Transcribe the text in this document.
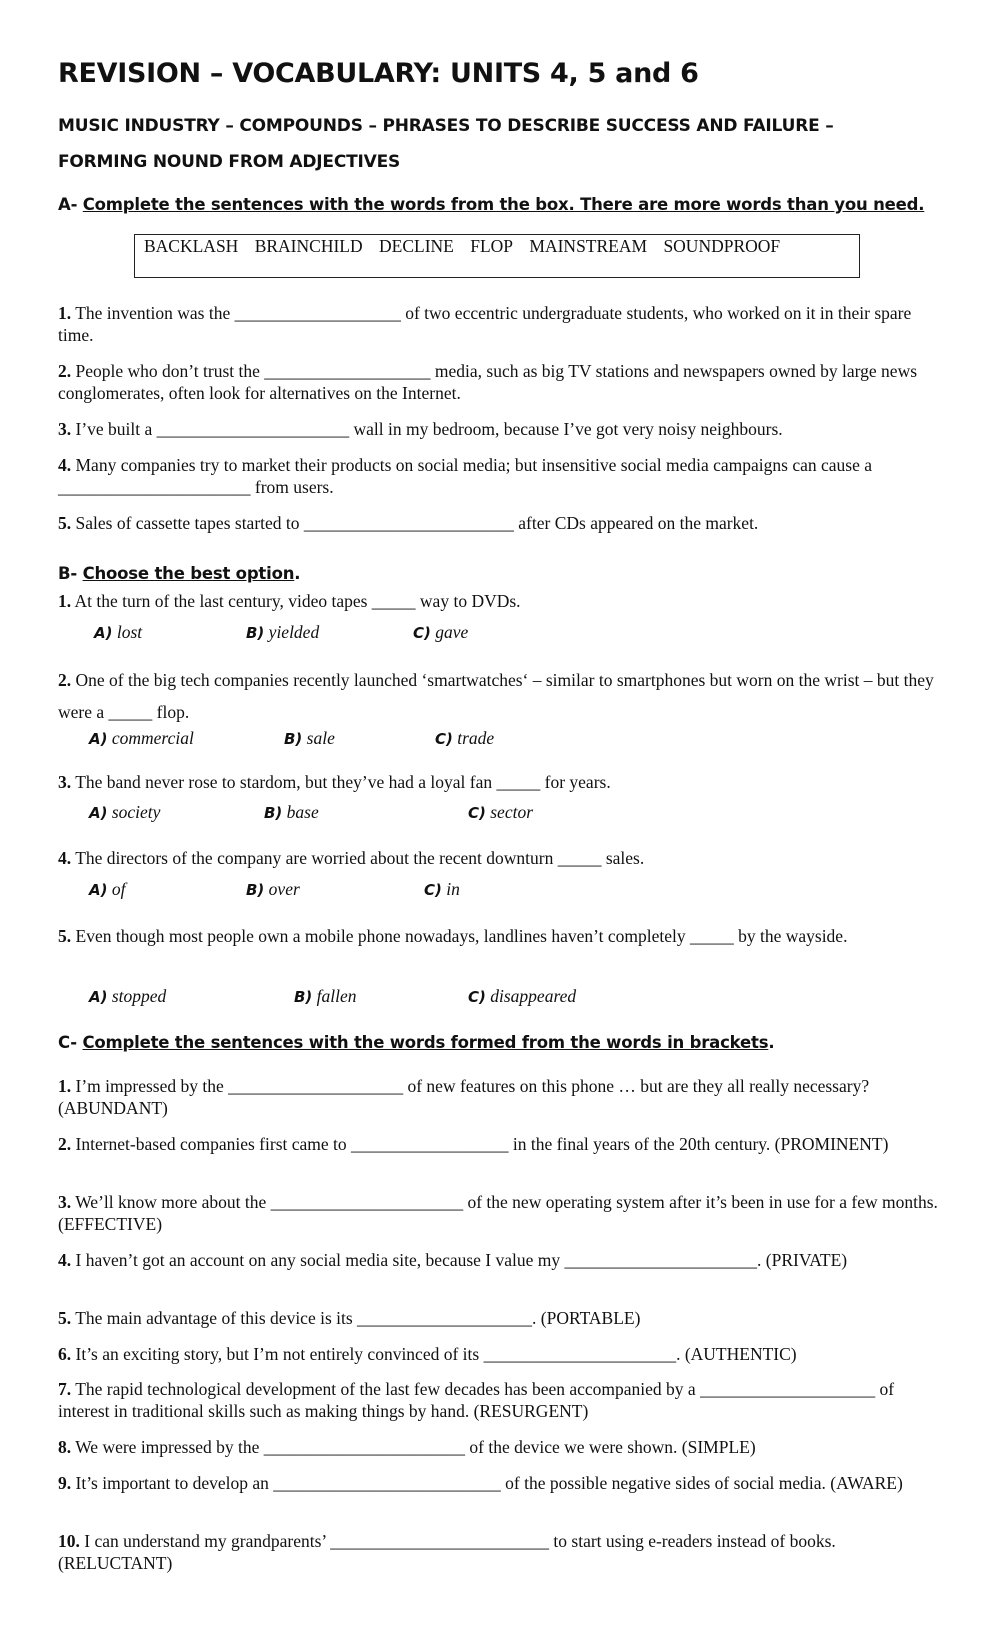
REVISION – VOCABULARY: UNITS 4, 5 and 6
MUSIC INDUSTRY – COMPOUNDS – PHRASES TO DESCRIBE SUCCESS AND FAILURE –
FORMING NOUND FROM ADJECTIVES
A- Complete the sentences with the words from the box. There are more words than you need.
BACKLASH BRAINCHILD DECLINE FLOP MAINSTREAM SOUNDPROOF
1. The invention was the ___________________ of two eccentric undergraduate students, who worked on it in their spare time.
2. People who don’t trust the ___________________ media, such as big TV stations and newspapers owned by large news conglomerates, often look for alternatives on the Internet.
3. I’ve built a ______________________ wall in my bedroom, because I’ve got very noisy neighbours.
4. Many companies try to market their products on social media; but insensitive social media campaigns can cause a ______________________ from users.
5. Sales of cassette tapes started to ________________________ after CDs appeared on the market.
B- Choose the best option.
1. At the turn of the last century, video tapes _____ way to DVDs.
A) lost	B) yielded	C) gave
2. One of the big tech companies recently launched ‘smartwatches‘ – similar to smartphones but worn on the wrist – but they were a _____ flop.
A) commercial	B) sale	C) trade
3. The band never rose to stardom, but they’ve had a loyal fan _____ for years.
A) society	B) base	C) sector
4. The directors of the company are worried about the recent downturn _____ sales.
A) of	B) over	C) in
5. Even though most people own a mobile phone nowadays, landlines haven’t completely _____ by the wayside.
A) stopped	B) fallen	C) disappeared
C- Complete the sentences with the words formed from the words in brackets.
1. I’m impressed by the ____________________ of new features on this phone … but are they all really necessary? (ABUNDANT)
2. Internet-based companies first came to __________________ in the final years of the 20th century. (PROMINENT)
3. We’ll know more about the ______________________ of the new operating system after it’s been in use for a few months. (EFFECTIVE)
4. I haven’t got an account on any social media site, because I value my ______________________. (PRIVATE)
5. The main advantage of this device is its ____________________. (PORTABLE)
6. It’s an exciting story, but I’m not entirely convinced of its ______________________. (AUTHENTIC)
7. The rapid technological development of the last few decades has been accompanied by a ____________________ of interest in traditional skills such as making things by hand. (RESURGENT)
8. We were impressed by the _______________________ of the device we were shown. (SIMPLE)
9. It’s important to develop an __________________________ of the possible negative sides of social media. (AWARE)
10. I can understand my grandparents’ _________________________ to start using e-readers instead of books. (RELUCTANT)
